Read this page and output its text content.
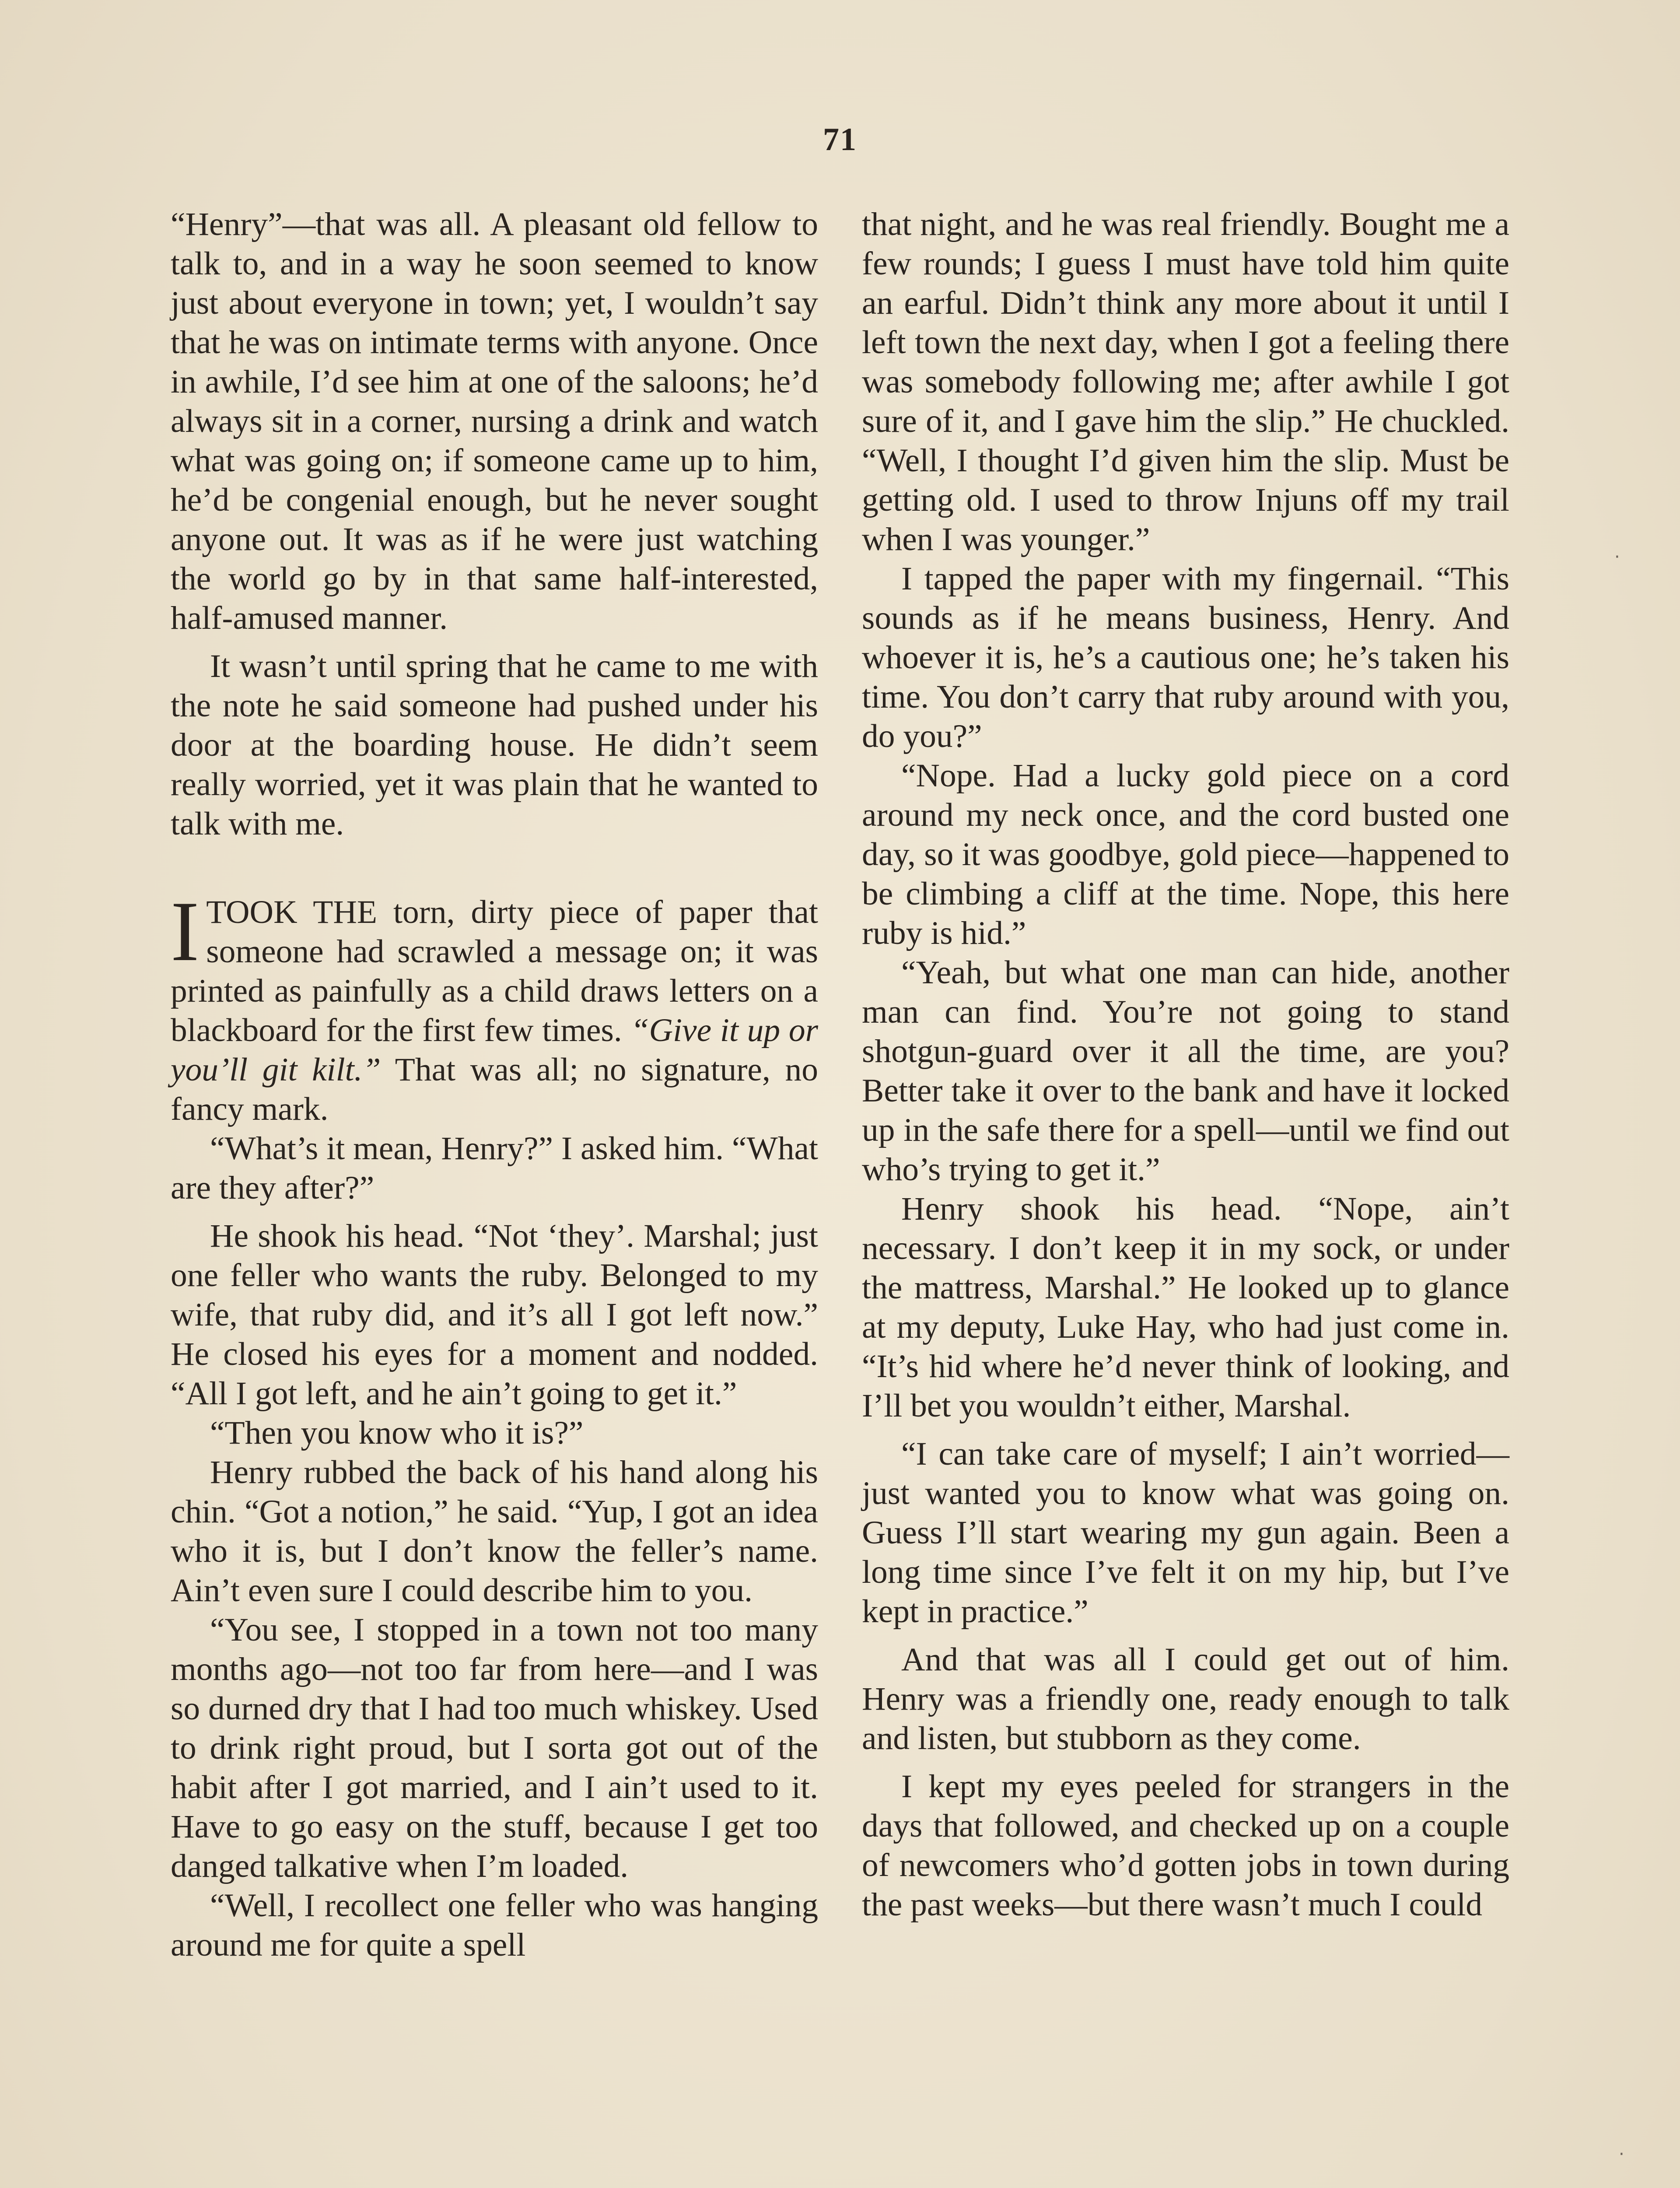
71

“Henry”—that was all. A pleasant old fellow to talk to, and in a way he soon seemed to know just about everyone in town; yet, I wouldn’t say that he was on intimate terms with anyone. Once in awhile, I’d see him at one of the saloons; he’d always sit in a corner, nursing a drink and watch what was going on; if someone came up to him, he’d be congenial enough, but he never sought anyone out. It was as if he were just watching the world go by in that same half-interested, half-amused manner.

It wasn’t until spring that he came to me with the note he said someone had pushed under his door at the boarding house. He didn’t seem really worried, yet it was plain that he wanted to talk with me.

ITOOK THE torn, dirty piece of paper that someone had scrawled a message on; it was printed as painfully as a child draws letters on a blackboard for the first few times. “Give it up or you’ll git kilt.” That was all; no signature, no fancy mark.

“What’s it mean, Henry?” I asked him. “What are they after?”

He shook his head. “Not ‘they’. Marshal; just one feller who wants the ruby. Belonged to my wife, that ruby did, and it’s all I got left now.” He closed his eyes for a moment and nodded. “All I got left, and he ain’t going to get it.”

“Then you know who it is?”

Henry rubbed the back of his hand along his chin. “Got a notion,” he said. “Yup, I got an idea who it is, but I don’t know the feller’s name. Ain’t even sure I could describe him to you.

“You see, I stopped in a town not too many months ago—not too far from here—and I was so durned dry that I had too much whiskey. Used to drink right proud, but I sorta got out of the habit after I got married, and I ain’t used to it. Have to go easy on the stuff, because I get too danged talkative when I’m loaded.

“Well, I recollect one feller who was hanging around me for quite a spell

that night, and he was real friendly. Bought me a few rounds; I guess I must have told him quite an earful. Didn’t think any more about it until I left town the next day, when I got a feeling there was somebody following me; after awhile I got sure of it, and I gave him the slip.” He chuckled. “Well, I thought I’d given him the slip. Must be getting old. I used to throw Injuns off my trail when I was younger.”

I tapped the paper with my fingernail. “This sounds as if he means business, Henry. And whoever it is, he’s a cautious one; he’s taken his time. You don’t carry that ruby around with you, do you?”

“Nope. Had a lucky gold piece on a cord around my neck once, and the cord busted one day, so it was goodbye, gold piece—happened to be climbing a cliff at the time. Nope, this here ruby is hid.”

“Yeah, but what one man can hide, another man can find. You’re not going to stand shotgun-guard over it all the time, are you? Better take it over to the bank and have it locked up in the safe there for a spell—until we find out who’s trying to get it.”

Henry shook his head. “Nope, ain’t necessary. I don’t keep it in my sock, or under the mattress, Marshal.” He looked up to glance at my deputy, Luke Hay, who had just come in. “It’s hid where he’d never think of looking, and I’ll bet you wouldn’t either, Marshal.

“I can take care of myself; I ain’t worried—just wanted you to know what was going on. Guess I’ll start wearing my gun again. Been a long time since I’ve felt it on my hip, but I’ve kept in practice.”

And that was all I could get out of him. Henry was a friendly one, ready enough to talk and listen, but stubborn as they come.

I kept my eyes peeled for strangers in the days that followed, and checked up on a couple of newcomers who’d gotten jobs in town during the past weeks—but there wasn’t much I could

·
·
